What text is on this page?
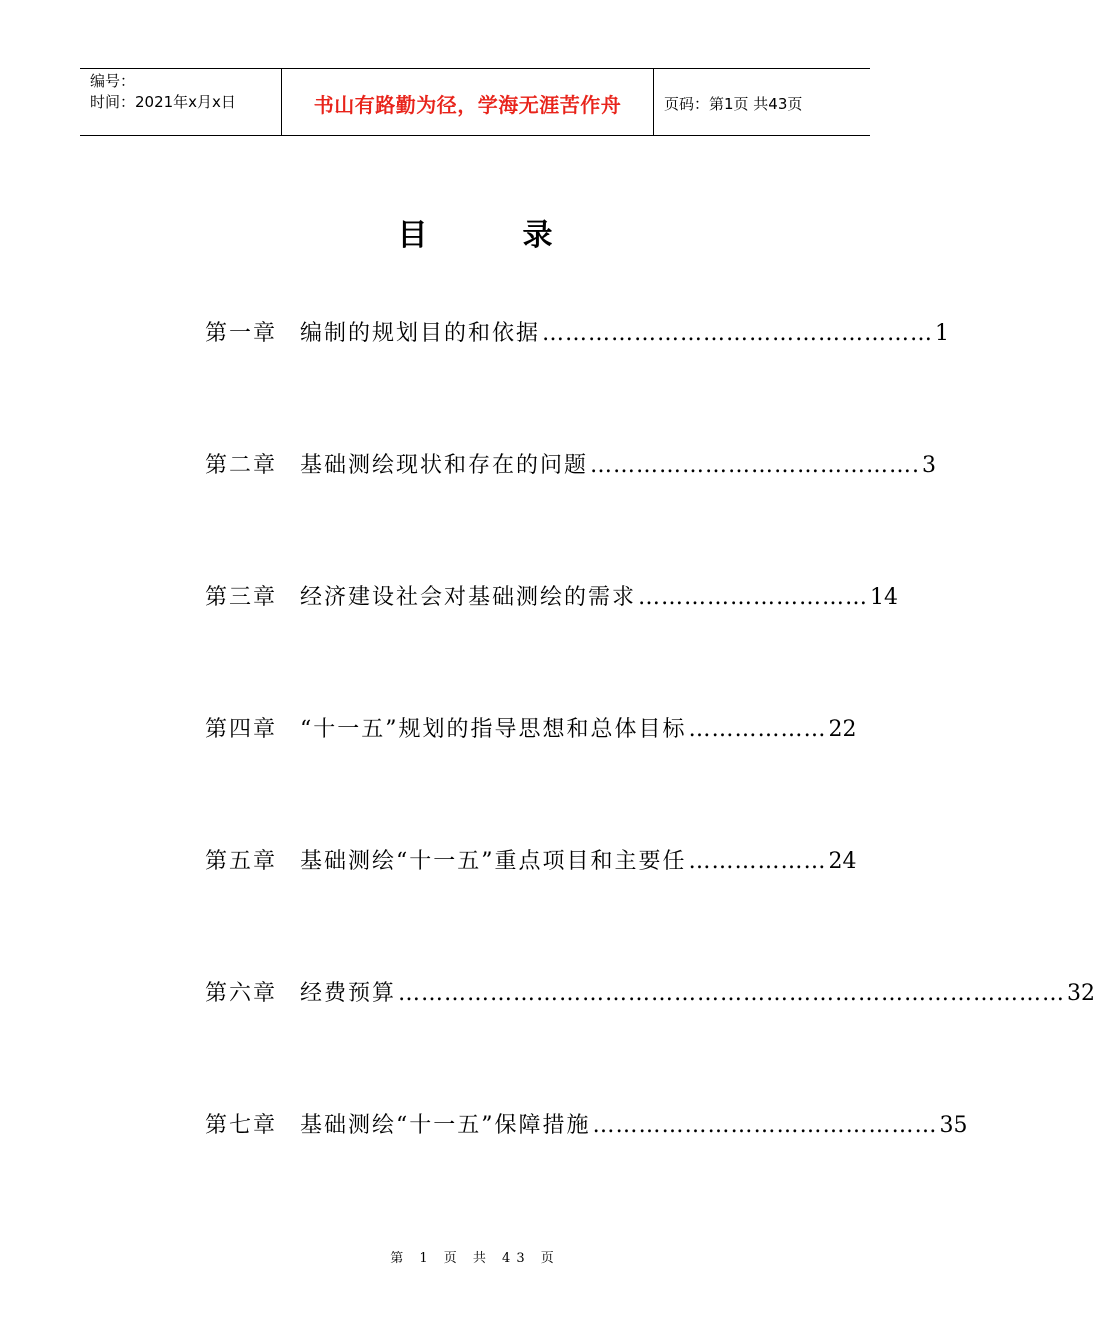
编号：
时间：2021年x月x日	书山有路勤为径，学海无涯苦作舟	页码：第1页 共43页
目录
第一章	编制的规划目的和依据 …………………………………………… 1
第二章	基础测绘现状和存在的问题 ……………………………………. 3
第三章	经济建设社会对基础测绘的需求 ………………………… 14
第四章	“十一五”规划的指导思想和总体目标 ……………… 22
第五章	基础测绘“十一五”重点项目和主要任 ……………… 24
第六章	经费预算 …………………………………………………………………………… 32
第七章	基础测绘“十一五”保障措施 ……………………………………… 35
第 1 页 共 43 页
